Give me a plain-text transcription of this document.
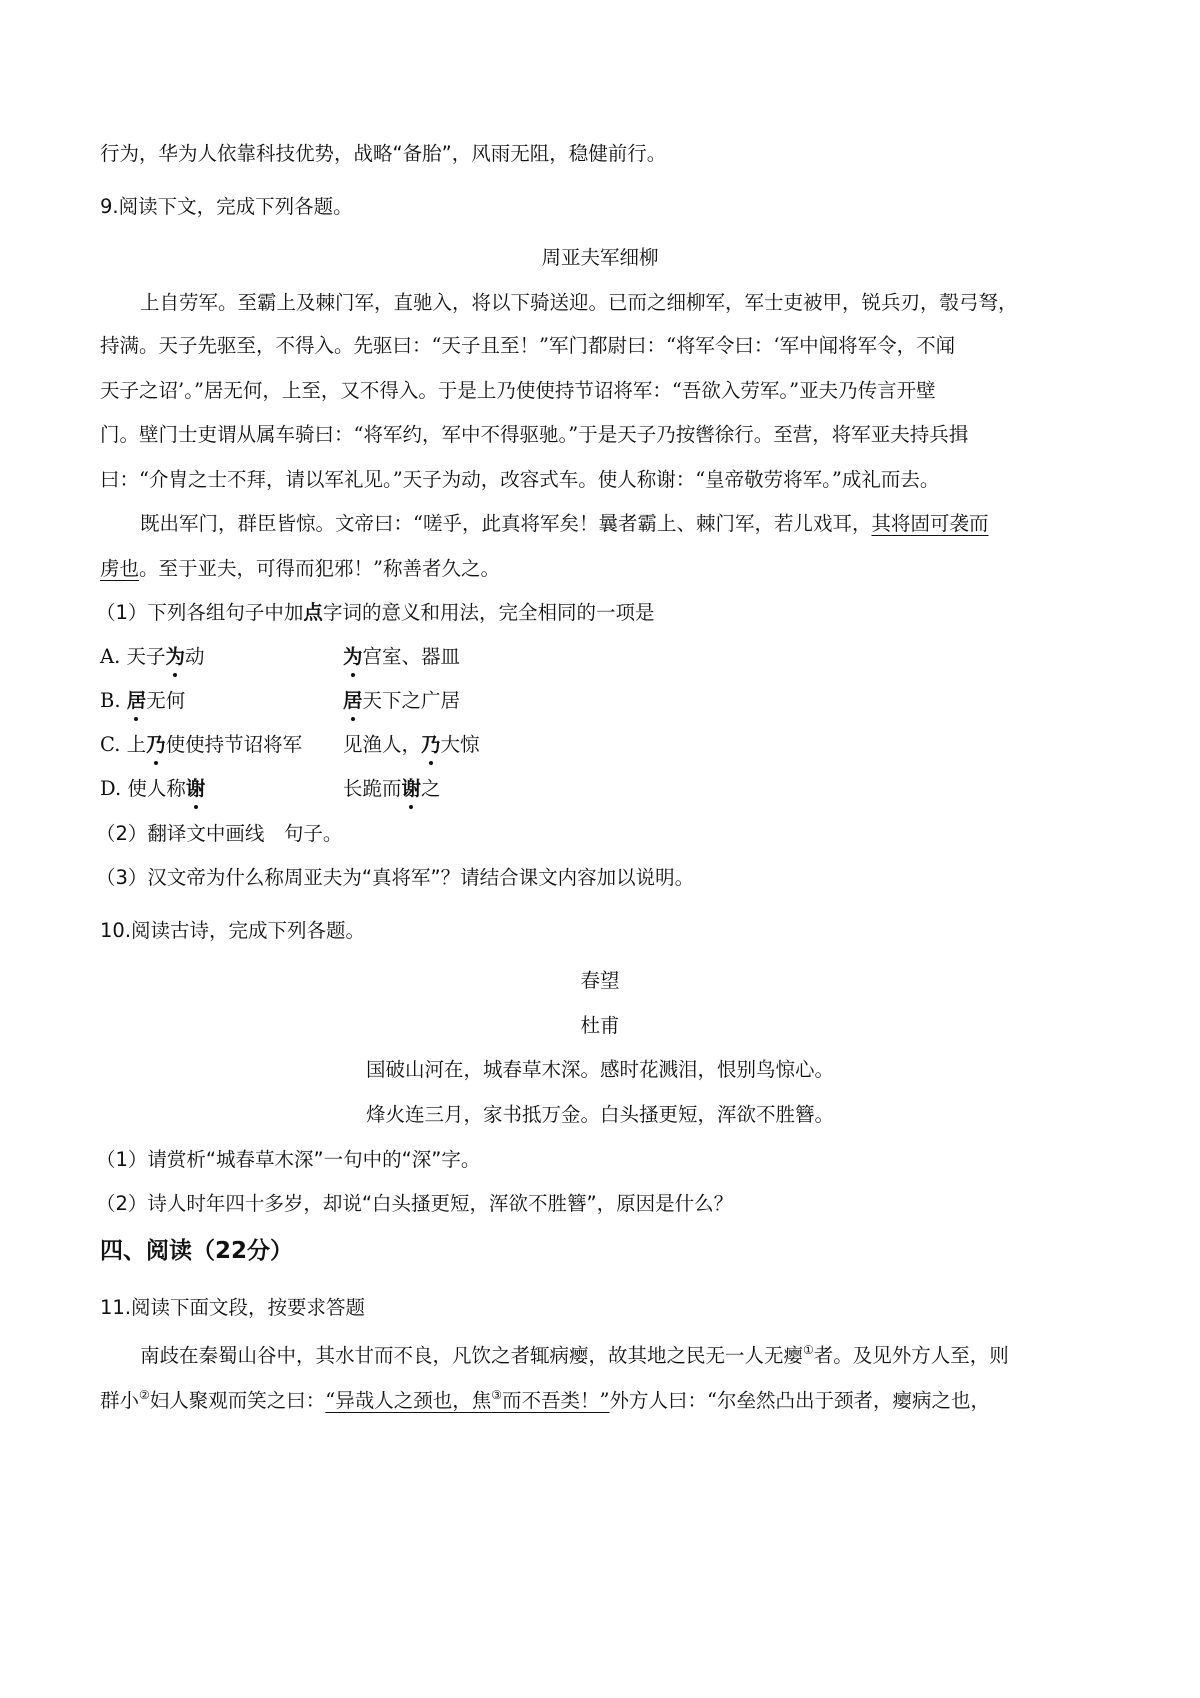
行为，华为人依靠科技优势，战略“备胎”，风雨无阻，稳健前行。
9.阅读下文，完成下列各题。
周亚夫军细柳
上自劳军。至霸上及棘门军，直驰入，将以下骑送迎。已而之细柳军，军士吏被甲，锐兵刃，彀弓弩，
持满。天子先驱至，不得入。先驱曰：“天子且至！”军门都尉曰：“将军令曰：‘军中闻将军令，不闻
天子之诏’。”居无何，上至，又不得入。于是上乃使使持节诏将军：“吾欲入劳军。”亚夫乃传言开壁
门。壁门士吏谓从属车骑曰：“将军约，军中不得驱驰。”于是天子乃按辔徐行。至营，将军亚夫持兵揖
曰：“介胄之士不拜，请以军礼见。”天子为动，改容式车。使人称谢：“皇帝敬劳将军。”成礼而去。
既出军门，群臣皆惊。文帝曰：“嗟乎，此真将军矣！曩者霸上、棘门军，若儿戏耳，其将固可袭而
虏也。至于亚夫，可得而犯邪！”称善者久之。
（1）下列各组句子中加点字词的意义和用法，完全相同的一项是
A. 天子为动	为宫室、器皿
B. 居无何	居天下之广居
C. 上乃使使持节诏将军 见渔人，乃大惊
D. 使人称谢	长跪而谢之
（2）翻译文中画线　句子。
（3）汉文帝为什么称周亚夫为“真将军”？请结合课文内容加以说明。
10.阅读古诗，完成下列各题。
春望
杜甫
国破山河在，城春草木深。感时花溅泪，恨别鸟惊心。
烽火连三月，家书抵万金。白头搔更短，浑欲不胜簪。
（1）请赏析“城春草木深”一句中的“深”字。
（2）诗人时年四十多岁，却说“白头搔更短，浑欲不胜簪”，原因是什么？
四、阅读（22分）
11.阅读下面文段，按要求答题
南歧在秦蜀山谷中，其水甘而不良，凡饮之者辄病瘿，故其地之民无一人无瘿①者。及见外方人至，则
群小②妇人聚观而笑之曰：“异哉人之颈也，焦③而不吾类！”外方人曰：“尔垒然凸出于颈者，瘿病之也，
